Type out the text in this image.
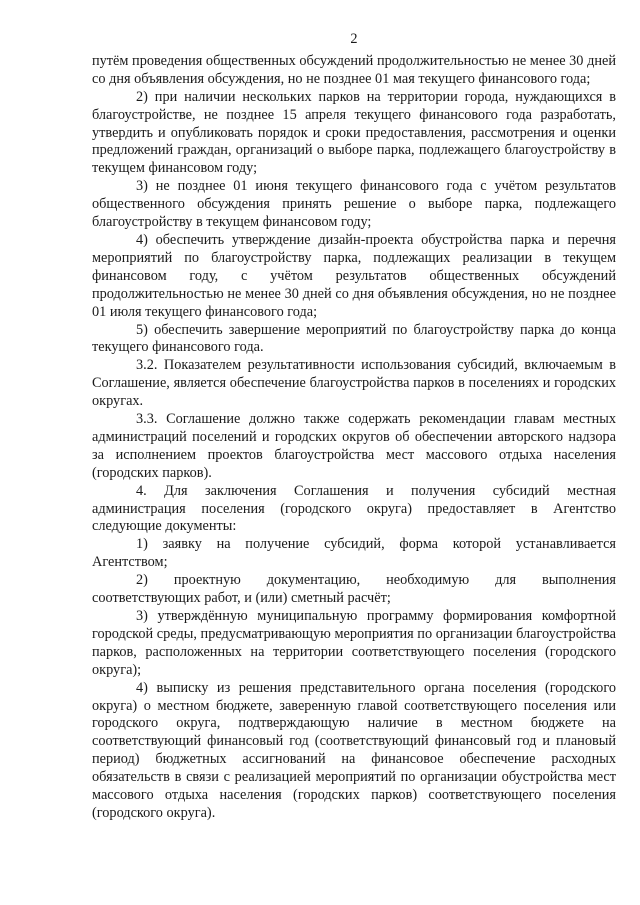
2

путём проведения общественных обсуждений продолжительностью не менее 30 дней со дня объявления обсуждения, но не позднее 01 мая текущего финансового года;

2) при наличии нескольких парков на территории города, нуждающихся в благоустройстве, не позднее 15 апреля текущего финансового года разработать, утвердить и опубликовать порядок и сроки предоставления, рассмотрения и оценки предложений граждан, организаций о выборе парка, подлежащего благоустройству в текущем финансовом году;

3) не позднее 01 июня текущего финансового года с учётом результатов общественного обсуждения принять решение о выборе парка, подлежащего благоустройству в текущем финансовом году;

4) обеспечить утверждение дизайн-проекта обустройства парка и перечня мероприятий по благоустройству парка, подлежащих реализации в текущем финансовом году, с учётом результатов общественных обсуждений продолжительностью не менее 30 дней со дня объявления обсуждения, но не позднее 01 июля текущего финансового года;

5) обеспечить завершение мероприятий по благоустройству парка до конца текущего финансового года.

3.2. Показателем результативности использования субсидий, включаемым в Соглашение, является обеспечение благоустройства парков в поселениях и городских округах.

3.3. Соглашение должно также содержать рекомендации главам местных администраций поселений и городских округов об обеспечении авторского надзора за исполнением проектов благоустройства мест массового отдыха населения (городских парков).

4. Для заключения Соглашения и получения субсидий местная администрация поселения (городского округа) предоставляет в Агентство следующие документы:

1) заявку на получение субсидий, форма которой устанавливается Агентством;

2) проектную документацию, необходимую для выполнения соответствующих работ, и (или) сметный расчёт;

3) утверждённую муниципальную программу формирования комфортной городской среды, предусматривающую мероприятия по организации благоустройства парков, расположенных на территории соответствующего поселения (городского округа);

4) выписку из решения представительного органа поселения (городского округа) о местном бюджете, заверенную главой соответствующего поселения или городского округа, подтверждающую наличие в местном бюджете на соответствующий финансовый год (соответствующий финансовый год и плановый период) бюджетных ассигнований на финансовое обеспечение расходных обязательств в связи с реализацией мероприятий по организации обустройства мест массового отдыха населения (городских парков) соответствующего поселения (городского округа).
